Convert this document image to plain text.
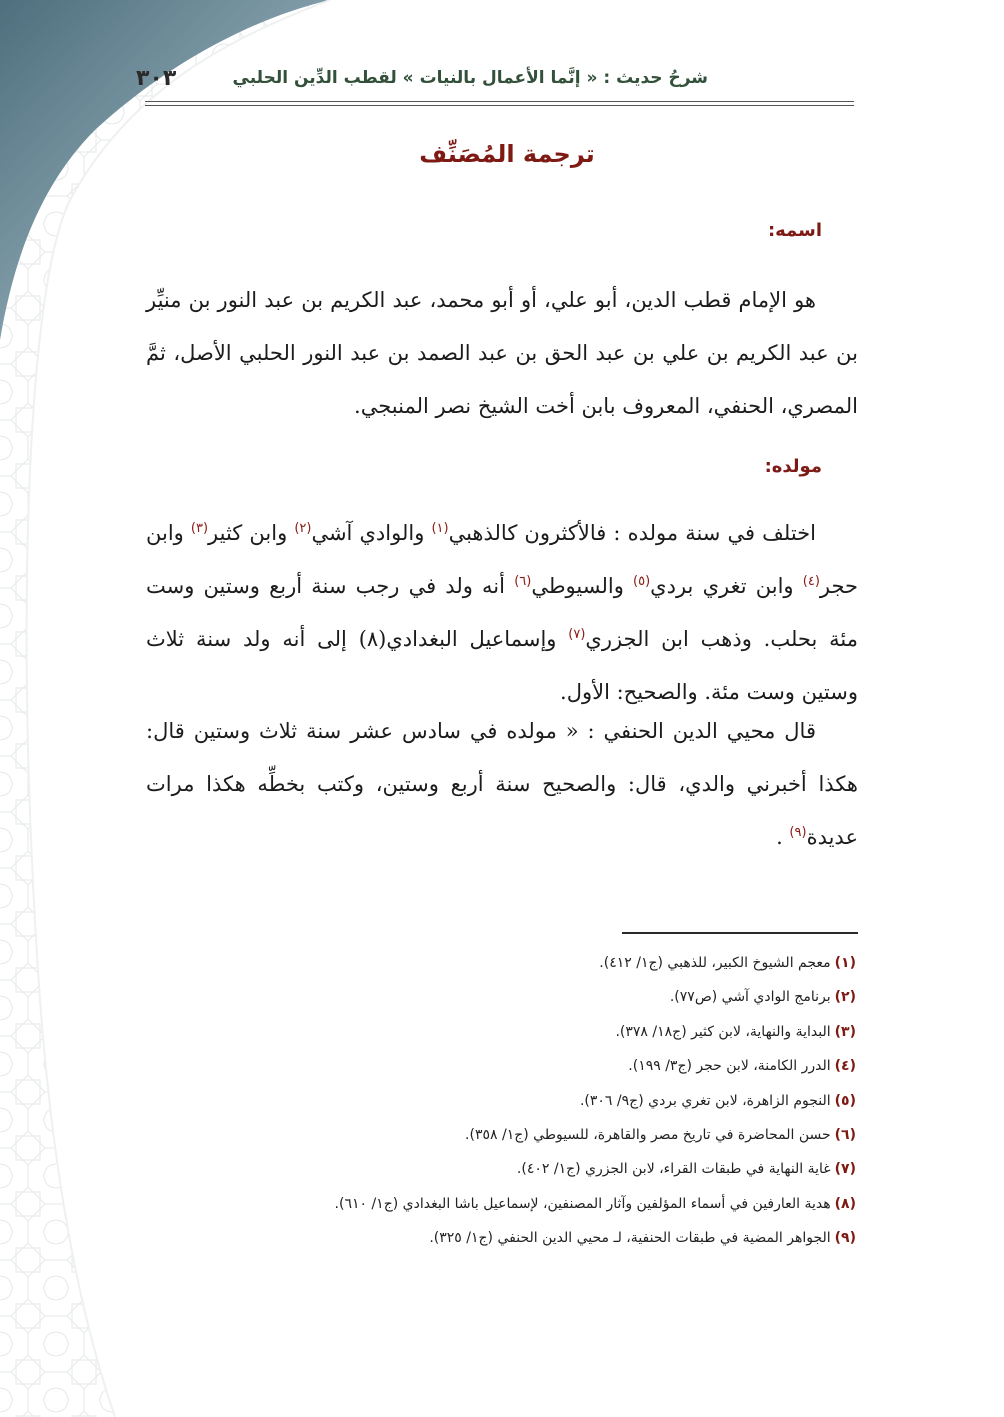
شرحُ حديث : « إنَّما الأعمال بالنيات » لقطب الدِّين الحلبي
٣٠٣
ترجمة المُصَنِّف
اسمه:

هو الإمام قطب الدين، أبو علي، أو أبو محمد، عبد الكريم بن عبد النور بن منيِّر بن عبد الكريم بن علي بن عبد الحق بن عبد الصمد بن عبد النور الحلبي الأصل، ثمَّ المصري، الحنفي، المعروف بابن أخت الشيخ نصر المنبجي.

مولده:

اختلف في سنة مولده : فالأكثرون كالذهبي$^{(١)}$ والوادي آشي$^{(٢)}$ وابن كثير$^{(٣)}$ وابن حجر$^{(٤)}$ وابن تغري بردي$^{(٥)}$ والسيوطي$^{(٦)}$ أنه ولد في رجب سنة أربع وستين وست مئة بحلب. وذهب ابن الجزري$^{(٧)}$ وإسماعيل البغدادي(٨) إلى أنه ولد سنة ثلاث وستين وست مئة. والصحيح: الأول.

قال محيي الدين الحنفي : « مولده في سادس عشر سنة ثلاث وستين قال: هكذا أخبرني والدي، قال: والصحيح سنة أربع وستين، وكتب بخطِّه هكذا مرات عديدة$^{(٩)}$ .

(١)معجم الشيوخ الكبير، للذهبي (ج١/ ٤١٢).
(٢)برنامج الوادي آشي (ص٧٧).
(٣)البداية والنهاية، لابن كثير (ج١٨/ ٣٧٨).
(٤)الدرر الكامنة، لابن حجر (ج٣/ ١٩٩).
(٥)النجوم الزاهرة، لابن تغري بردي (ج٩/ ٣٠٦).
(٦)حسن المحاضرة في تاريخ مصر والقاهرة، للسيوطي (ج١/ ٣٥٨).
(٧)غاية النهاية في طبقات القراء، لابن الجزري (ج١/ ٤٠٢).
(٨)هدية العارفين في أسماء المؤلفين وآثار المصنفين، لإسماعيل باشا البغدادي (ج١/ ٦١٠).
(٩)الجواهر المضية في طبقات الحنفية، لـ محيي الدين الحنفي (ج١/ ٣٢٥).
